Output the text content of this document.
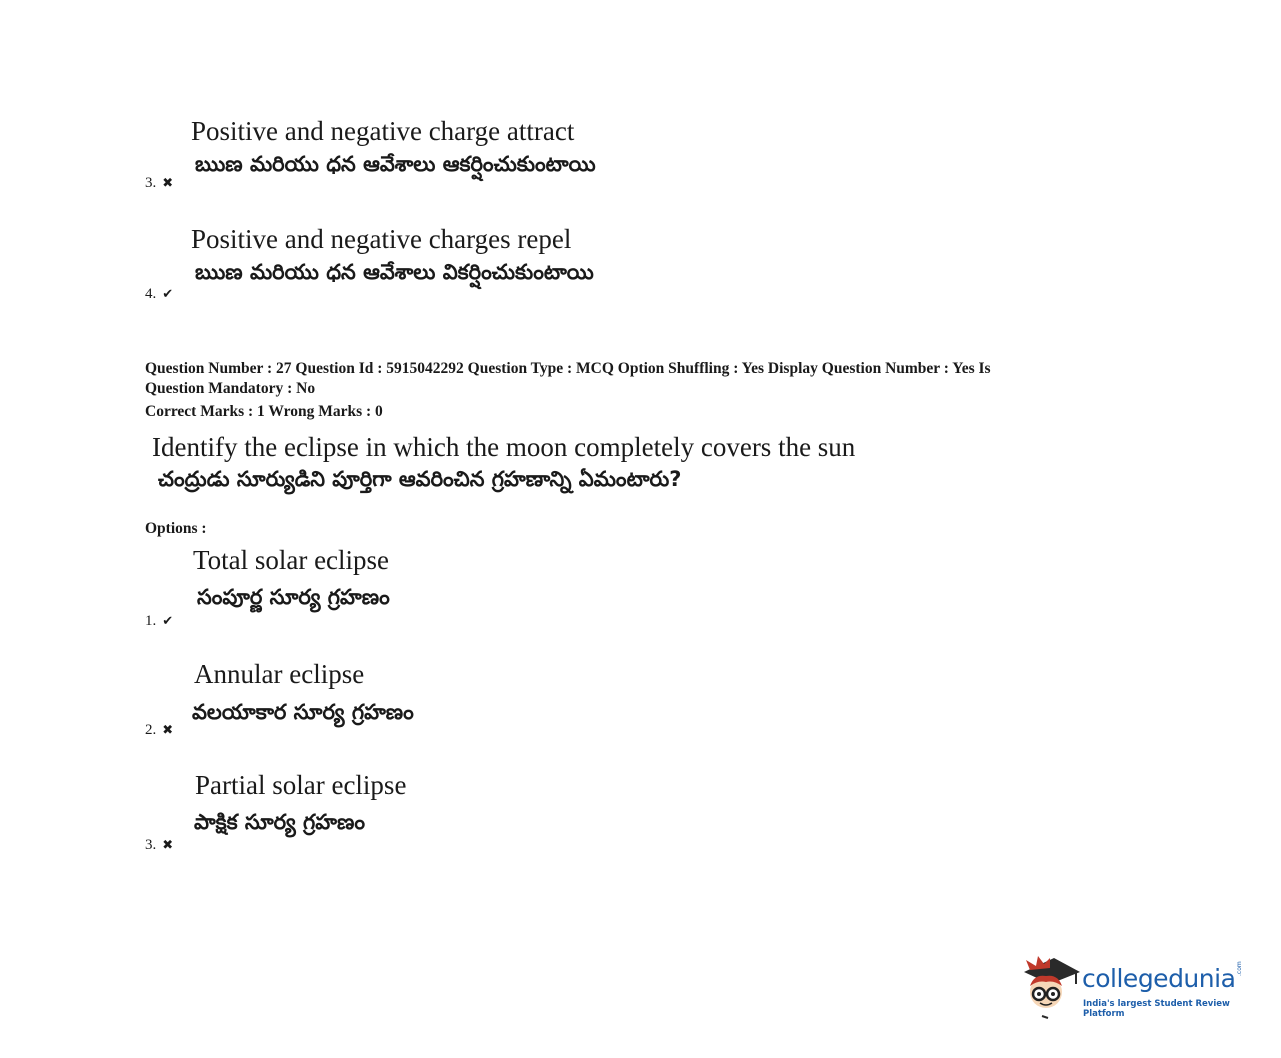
Positive and negative charge attract
ఋణ మరియు ధన ఆవేశాలు ఆకర్షించుకుంటాయి
3. ✖
Positive and negative charges repel
ఋణ మరియు ధన ఆవేశాలు వికర్షించుకుంటాయి
4. ✔
Question Number : 27 Question Id : 5915042292 Question Type : MCQ Option Shuffling : Yes Display Question Number : Yes Is
Question Mandatory : No
Correct Marks : 1 Wrong Marks : 0
Identify the eclipse in which the moon completely covers the sun
చంద్రుడు సూర్యుడిని పూర్తిగా ఆవరించిన గ్రహణాన్ని ఏమంటారు?
Options :
Total solar eclipse
సంపూర్ణ సూర్య గ్రహణం
1. ✔
Annular eclipse
వలయాకార సూర్య గ్రహణం
2. ✖
Partial solar eclipse
పాక్షిక సూర్య గ్రహణం
3. ✖
collegedunia .com
India's largest Student Review Platform
